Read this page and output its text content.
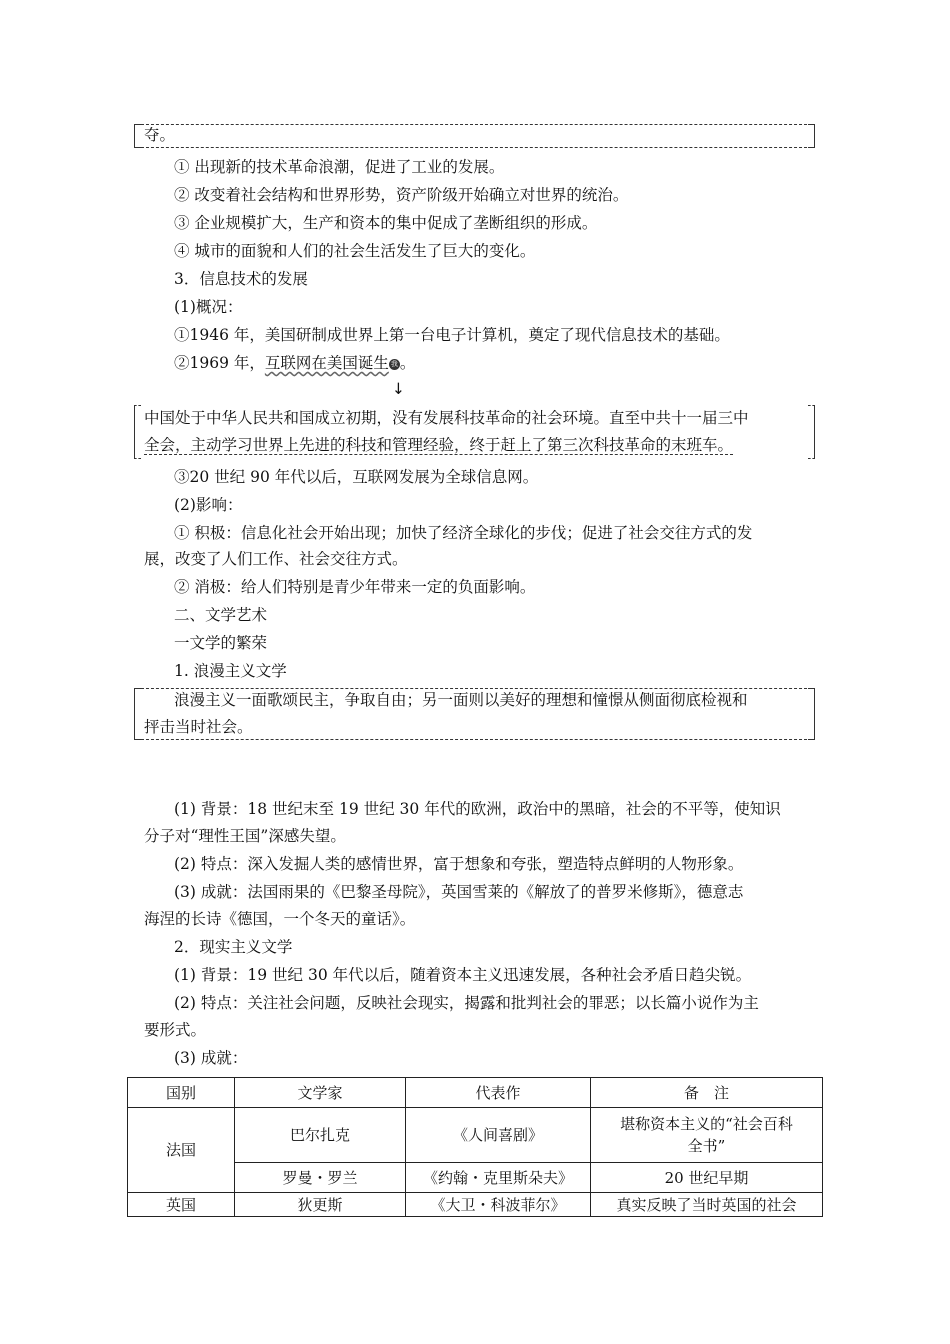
夺。
① 出现新的技术革命浪潮，促进了工业的发展。
② 改变着社会结构和世界形势，资产阶级开始确立对世界的统治。
③ 企业规模扩大，生产和资本的集中促成了垄断组织的形成。
④ 城市的面貌和人们的社会生活发生了巨大的变化。
3．信息技术的发展
(1)概况：
①1946 年，美国研制成世界上第一台电子计算机，奠定了现代信息技术的基础。
②1969 年，互联网在美国诞生 我 。
↓
中国处于中华人民共和国成立初期，没有发展科技革命的社会环境。直至中共十一届三中
全会，主动学习世界上先进的科技和管理经验，终于赶上了第三次科技革命的末班车。
③20 世纪 90 年代以后，互联网发展为全球信息网。
(2)影响：
① 积极：信息化社会开始出现；加快了经济全球化的步伐；促进了社会交往方式的发
展，改变了人们工作、社会交往方式。
② 消极：给人们特别是青少年带来一定的负面影响。
二、文学艺术
一文学的繁荣
1. 浪漫主义文学
浪漫主义一面歌颂民主，争取自由；另一面则以美好的理想和憧憬从侧面彻底检视和
抨击当时社会。
(1) 背景：18 世纪末至 19 世纪 30 年代的欧洲，政治中的黑暗，社会的不平等，使知识
分子对“理性王国”深感失望。
(2) 特点：深入发掘人类的感情世界，富于想象和夸张，塑造特点鲜明的人物形象。
(3) 成就：法国雨果的《巴黎圣母院》，英国雪莱的《解放了的普罗米修斯》，德意志
海涅的长诗《德国，一个冬天的童话》。
2．现实主义文学
(1) 背景：19 世纪 30 年代以后，随着资本主义迅速发展，各种社会矛盾日趋尖锐。
(2) 特点：关注社会问题，反映社会现实，揭露和批判社会的罪恶；以长篇小说作为主
要形式。
(3) 成就：
国别	文学家	代表作	备　注
法国	巴尔扎克	《人间喜剧》	堪称资本主义的“社会百科
全书”

	罗曼・罗兰	《约翰・克里斯朵夫》	20 世纪早期
英国	狄更斯	《大卫・科波菲尔》	真实反映了当时英国的社会
